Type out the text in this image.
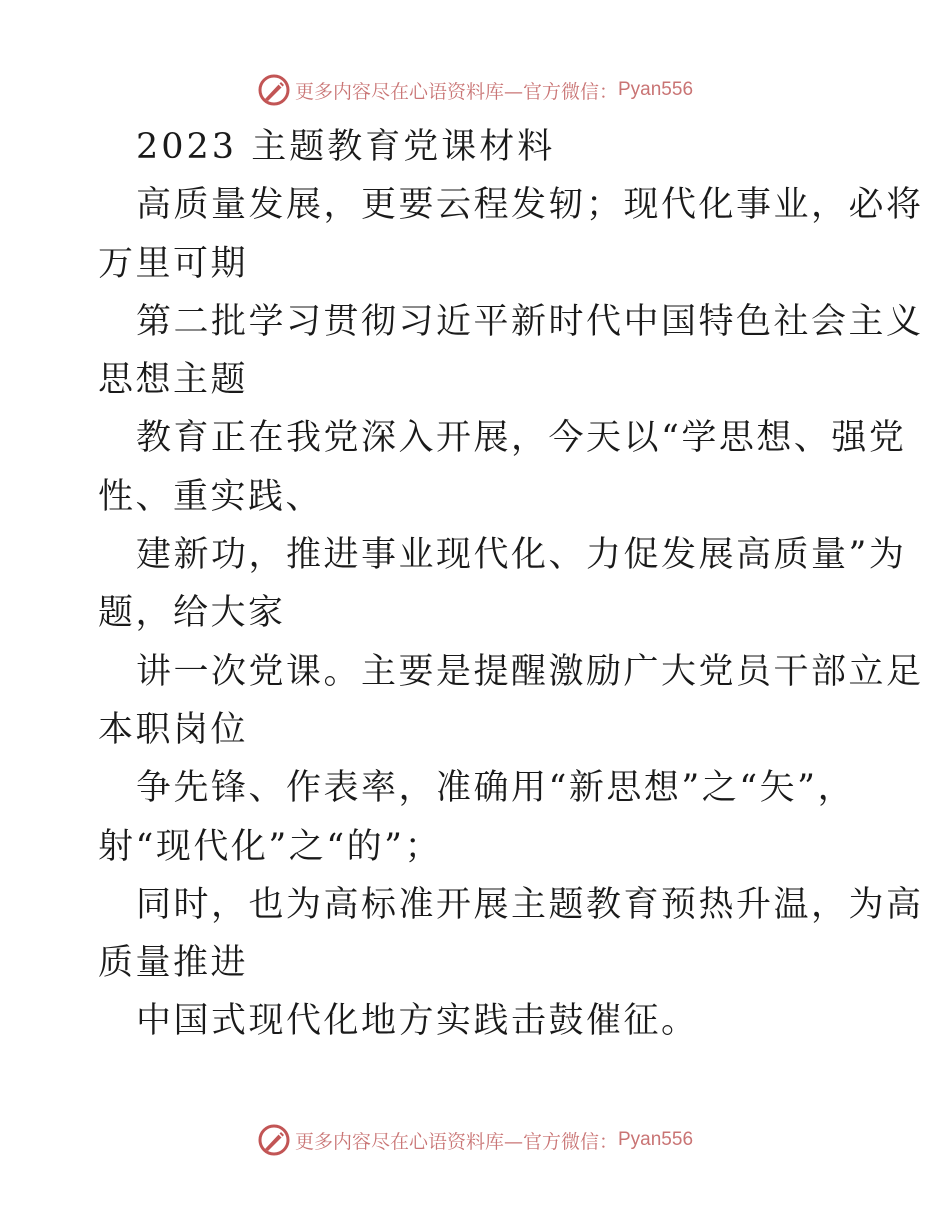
更多内容尽在心语资料库—官方微信： Pyan556
2023 主题教育党课材料
高质量发展，更要云程发轫；现代化事业，必将
万里可期
第二批学习贯彻习近平新时代中国特色社会主义
思想主题
教育正在我党深入开展，今天以“学思想、强党
性、重实践、
建新功，推进事业现代化、力促发展高质量”为
题，给大家
讲一次党课。主要是提醒激励广大党员干部立足
本职岗位
争先锋、作表率，准确用“新思想”之“矢”，
射“现代化”之“的”；
同时，也为高标准开展主题教育预热升温，为高
质量推进
中国式现代化地方实践击鼓催征。
更多内容尽在心语资料库—官方微信： Pyan556
